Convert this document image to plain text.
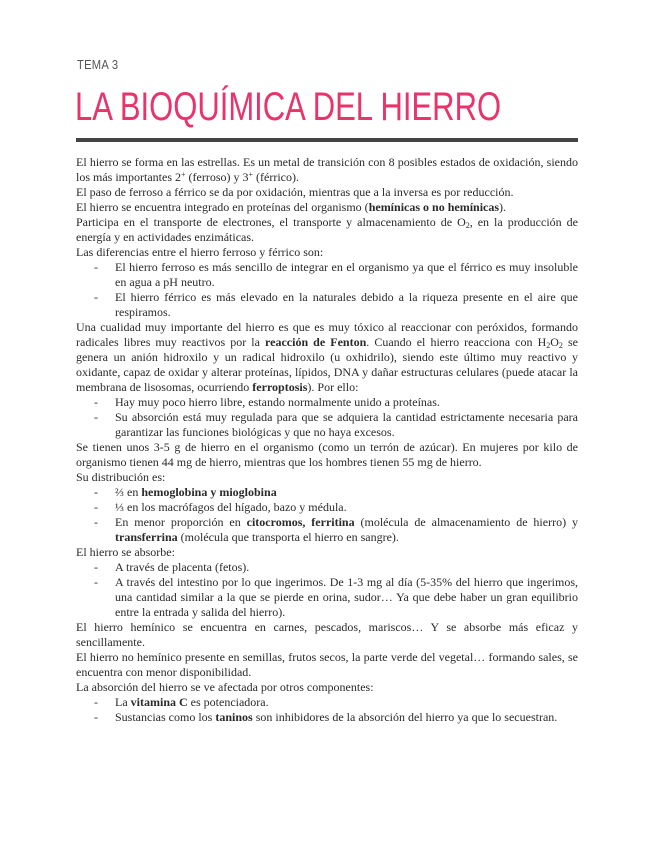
TEMA 3
LA BIOQUÍMICA DEL HIERRO

El hierro se forma en las estrellas. Es un metal de transición con 8 posibles estados de oxidación, siendo los más importantes 2+ (ferroso) y 3+ (férrico).

El paso de ferroso a férrico se da por oxidación, mientras que a la inversa es por reducción.

El hierro se encuentra integrado en proteínas del organismo (hemínicas o no hemínicas).

Participa en el transporte de electrones, el transporte y almacenamiento de $O_2$, en la producción de energía y en actividades enzimáticas.

Las diferencias entre el hierro ferroso y férrico son:

- El hierro ferroso es más sencillo de integrar en el organismo ya que el férrico es muy insoluble en agua a pH neutro.
- El hierro férrico es más elevado en la naturales debido a la riqueza presente en el aire que respiramos.

Una cualidad muy importante del hierro es que es muy tóxico al reaccionar con peróxidos, formando radicales libres muy reactivos por la reacción de Fenton. Cuando el hierro reacciona con $H_2O_2$ se genera un anión hidroxilo y un radical hidroxilo (u oxhidrilo), siendo este último muy reactivo y oxidante, capaz de oxidar y alterar proteínas, lípidos, DNA y dañar estructuras celulares (puede atacar la membrana de lisosomas, ocurriendo ferroptosis). Por ello:

- Hay muy poco hierro libre, estando normalmente unido a proteínas.
- Su absorción está muy regulada para que se adquiera la cantidad estrictamente necesaria para garantizar las funciones biológicas y que no haya excesos.

Se tienen unos 3-5 g de hierro en el organismo (como un terrón de azúcar). En mujeres por kilo de organismo tienen 44 mg de hierro, mientras que los hombres tienen 55 mg de hierro.

Su distribución es:

- ⅔ en hemoglobina y mioglobina
- ⅓ en los macrófagos del hígado, bazo y médula.
- En menor proporción en citocromos, ferritina (molécula de almacenamiento de hierro) y transferrina (molécula que transporta el hierro en sangre).

El hierro se absorbe:

- A través de placenta (fetos).
- A través del intestino por lo que ingerimos. De 1-3 mg al día (5-35% del hierro que ingerimos, una cantidad similar a la que se pierde en orina, sudor… Ya que debe haber un gran equilibrio entre la entrada y salida del hierro).

El hierro hemínico se encuentra en carnes, pescados, mariscos… Y se absorbe más eficaz y sencillamente.

El hierro no hemínico presente en semillas, frutos secos, la parte verde del vegetal… formando sales, se encuentra con menor disponibilidad.

La absorción del hierro se ve afectada por otros componentes:

- La vitamina C es potenciadora.
- Sustancias como los taninos son inhibidores de la absorción del hierro ya que lo secuestran.
